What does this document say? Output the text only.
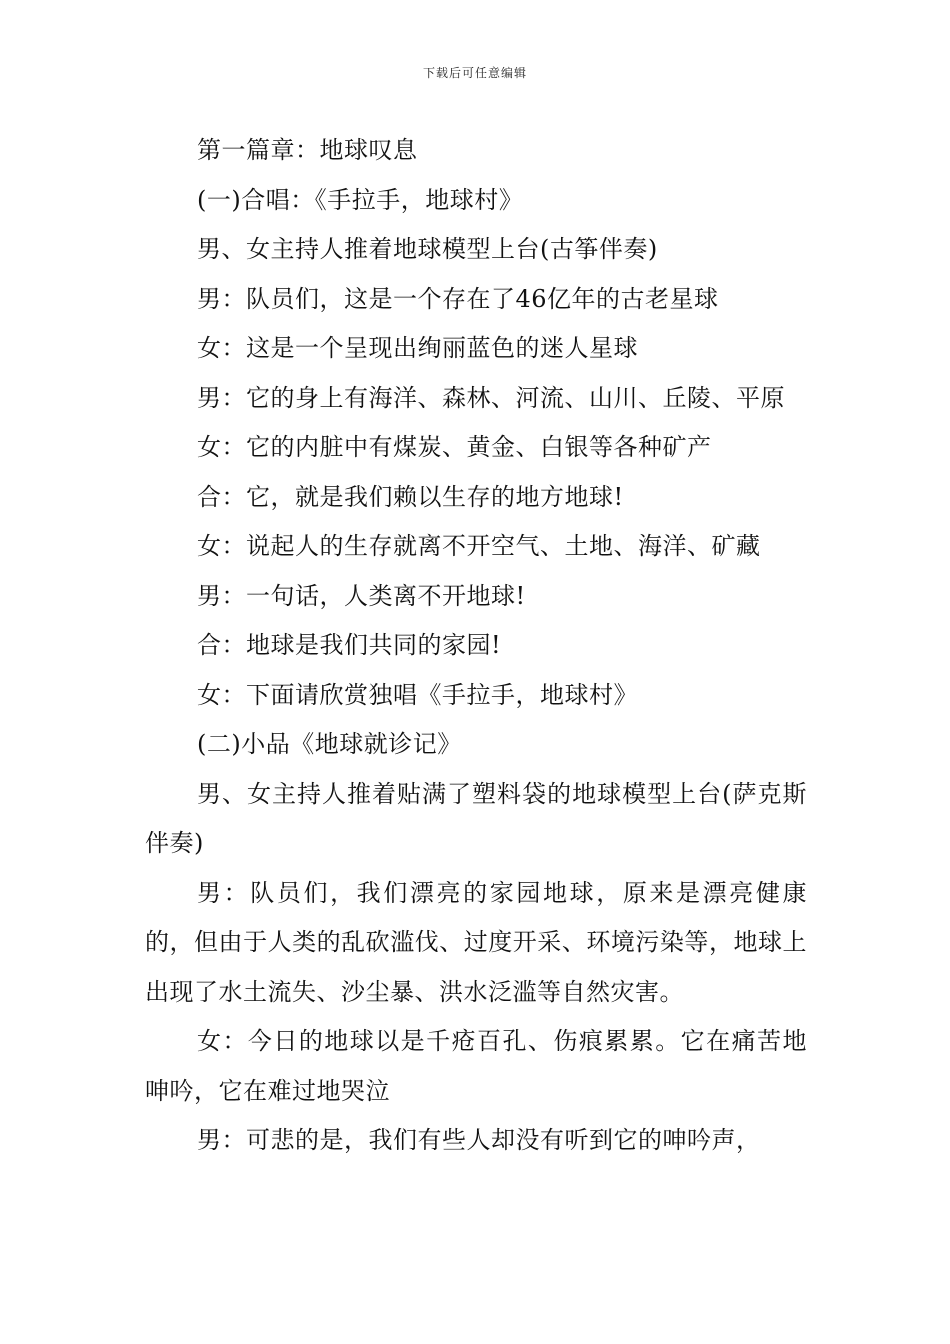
下载后可任意编辑

第一篇章：地球叹息

(一)合唱：《手拉手，地球村》

男、女主持人推着地球模型上台(古筝伴奏)

男：队员们，这是一个存在了46亿年的古老星球

女：这是一个呈现出绚丽蓝色的迷人星球

男：它的身上有海洋、森林、河流、山川、丘陵、平原

女：它的内脏中有煤炭、黄金、白银等各种矿产

合：它，就是我们赖以生存的地方地球!

女：说起人的生存就离不开空气、土地、海洋、矿藏

男：一句话，人类离不开地球!

合：地球是我们共同的家园!

女：下面请欣赏独唱《手拉手，地球村》

(二)小品《地球就诊记》

男、女主持人推着贴满了塑料袋的地球模型上台(萨克斯伴奏)

男：队员们，我们漂亮的家园地球，原来是漂亮健康的，但由于人类的乱砍滥伐、过度开采、环境污染等，地球上出现了水土流失、沙尘暴、洪水泛滥等自然灾害。

女：今日的地球以是千疮百孔、伤痕累累。它在痛苦地呻吟，它在难过地哭泣

男：可悲的是，我们有些人却没有听到它的呻吟声，
